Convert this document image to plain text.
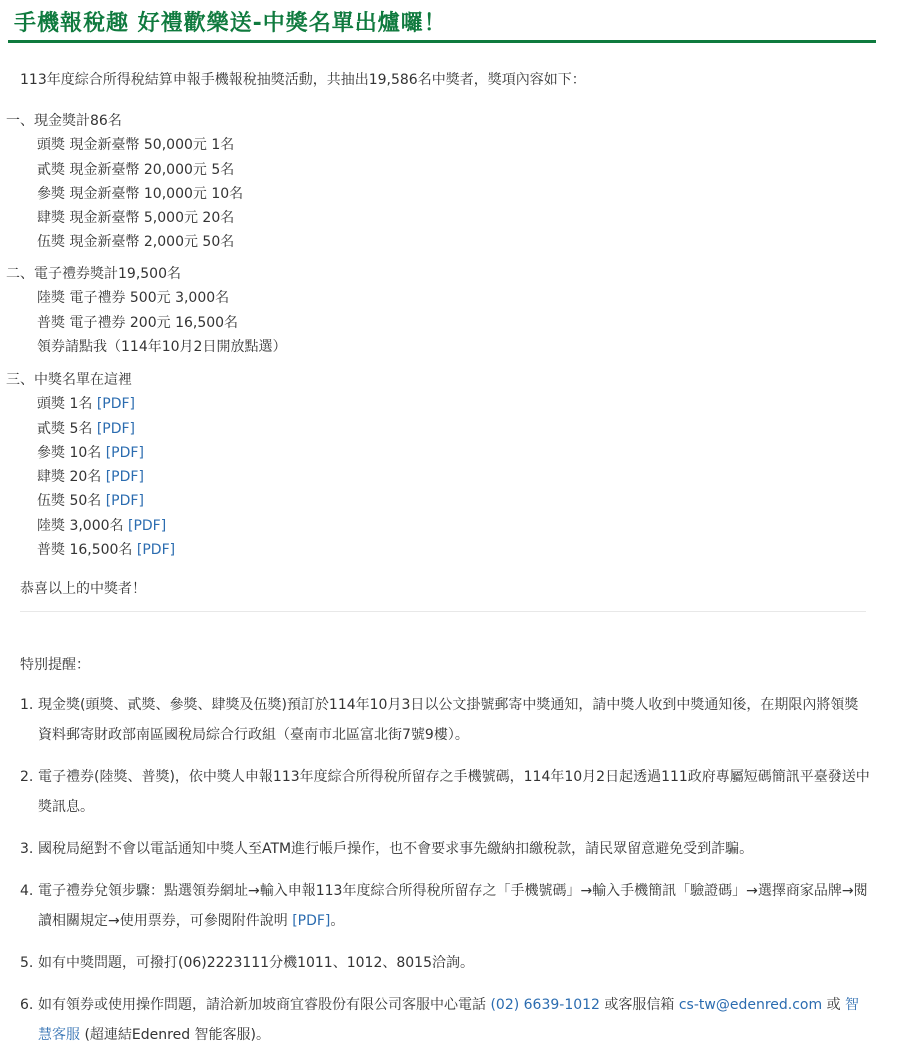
手機報稅趣 好禮歡樂送-中獎名單出爐囉！

113年度綜合所得稅結算申報手機報稅抽獎活動，共抽出19,586名中獎者，獎項內容如下：

一、現金獎計86名

頭獎 現金新臺幣 50,000元 1名
貳獎 現金新臺幣 20,000元 5名
參獎 現金新臺幣 10,000元 10名
肆獎 現金新臺幣 5,000元 20名
伍獎 現金新臺幣 2,000元 50名

二、電子禮券獎計19,500名

陸獎 電子禮券 500元 3,000名
普獎 電子禮券 200元 16,500名
領券請點我（114年10月2日開放點選）

三、中獎名單在這裡

頭獎 1名 [PDF]
貳獎 5名 [PDF]
參獎 10名 [PDF]
肆獎 20名 [PDF]
伍獎 50名 [PDF]
陸獎 3,000名 [PDF]
普獎 16,500名 [PDF]

恭喜以上的中獎者！

特別提醒：

1. 現金獎(頭獎、貳獎、參獎、肆獎及伍獎)預訂於114年10月3日以公文掛號郵寄中獎通知，請中獎人收到中獎通知後，在期限內將領獎資料郵寄財政部南區國稅局綜合行政組（臺南市北區富北街7號9樓）。
2. 電子禮券(陸獎、普獎)，依中獎人申報113年度綜合所得稅所留存之手機號碼，114年10月2日起透過111政府專屬短碼簡訊平臺發送中獎訊息。
3. 國稅局絕對不會以電話通知中獎人至ATM進行帳戶操作，也不會要求事先繳納扣繳稅款，請民眾留意避免受到詐騙。
4. 電子禮券兌領步驟：點選領券網址→輸入申報113年度綜合所得稅所留存之「手機號碼」→輸入手機簡訊「驗證碼」→選擇商家品牌→閱讀相關規定→使用票券，可參閱附件說明 [PDF]。
5. 如有中獎問題，可撥打(06)2223111分機1011、1012、8015洽詢。
6. 如有領券或使用操作問題，請洽新加坡商宜睿股份有限公司客服中心電話 (02) 6639-1012 或客服信箱 cs-tw@edenred.com 或 智慧客服 (超連結Edenred 智能客服)。
